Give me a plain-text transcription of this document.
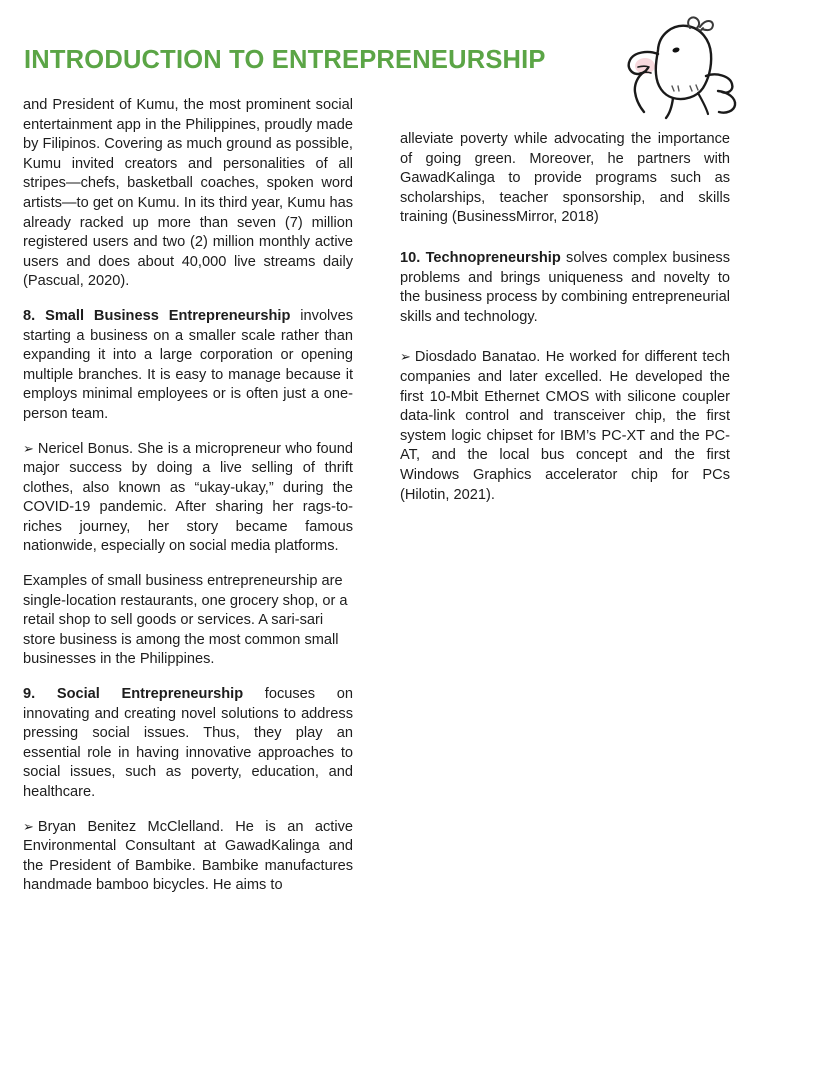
INTRODUCTION TO ENTREPRENEURSHIP

and President of Kumu, the most prominent social entertainment app in the Philippines, proudly made by Filipinos. Covering as much ground as possible, Kumu invited creators and personalities of all stripes—chefs, basketball coaches, spoken word artists—to get on Kumu. In its third year, Kumu has already racked up more than seven (7) million registered users and two (2) million monthly active users and does about 40,000 live streams daily (Pascual, 2020).

8. Small Business Entrepreneurship involves starting a business on a smaller scale rather than expanding it into a large corporation or opening multiple branches. It is easy to manage because it employs minimal employees or is often just a one-person team.

➢ Nericel Bonus. She is a micropreneur who found major success by doing a live selling of thrift clothes, also known as “ukay-ukay,” during the COVID-19 pandemic. After sharing her rags-to- riches journey, her story became famous nationwide, especially on social media platforms.

Examples of small business entrepreneurship are single-location restaurants, one grocery shop, or a retail shop to sell goods or services. A sari-sari store business is among the most common small businesses in the Philippines.

9. Social Entrepreneurship focuses on innovating and creating novel solutions to address pressing social issues. Thus, they play an essential role in having innovative approaches to social issues, such as poverty, education, and healthcare.

➢ Bryan Benitez McClelland. He is an active Environmental Consultant at GawadKalinga and the President of Bambike. Bambike manufactures handmade bamboo bicycles. He aims to

alleviate poverty while advocating the importance of going green. Moreover, he partners with GawadKalinga to provide programs such as scholarships, teacher sponsorship, and skills training (BusinessMirror, 2018)

10. Technopreneurship solves complex business problems and brings uniqueness and novelty to the business process by combining entrepreneurial skills and technology.

➢ Diosdado Banatao. He worked for different tech companies and later excelled. He developed the first 10-Mbit Ethernet CMOS with silicone coupler data-link control and transceiver chip, the first system logic chipset for IBM’s PC-XT and the PC-AT, and the local bus concept and the first Windows Graphics accelerator chip for PCs (Hilotin, 2021).
